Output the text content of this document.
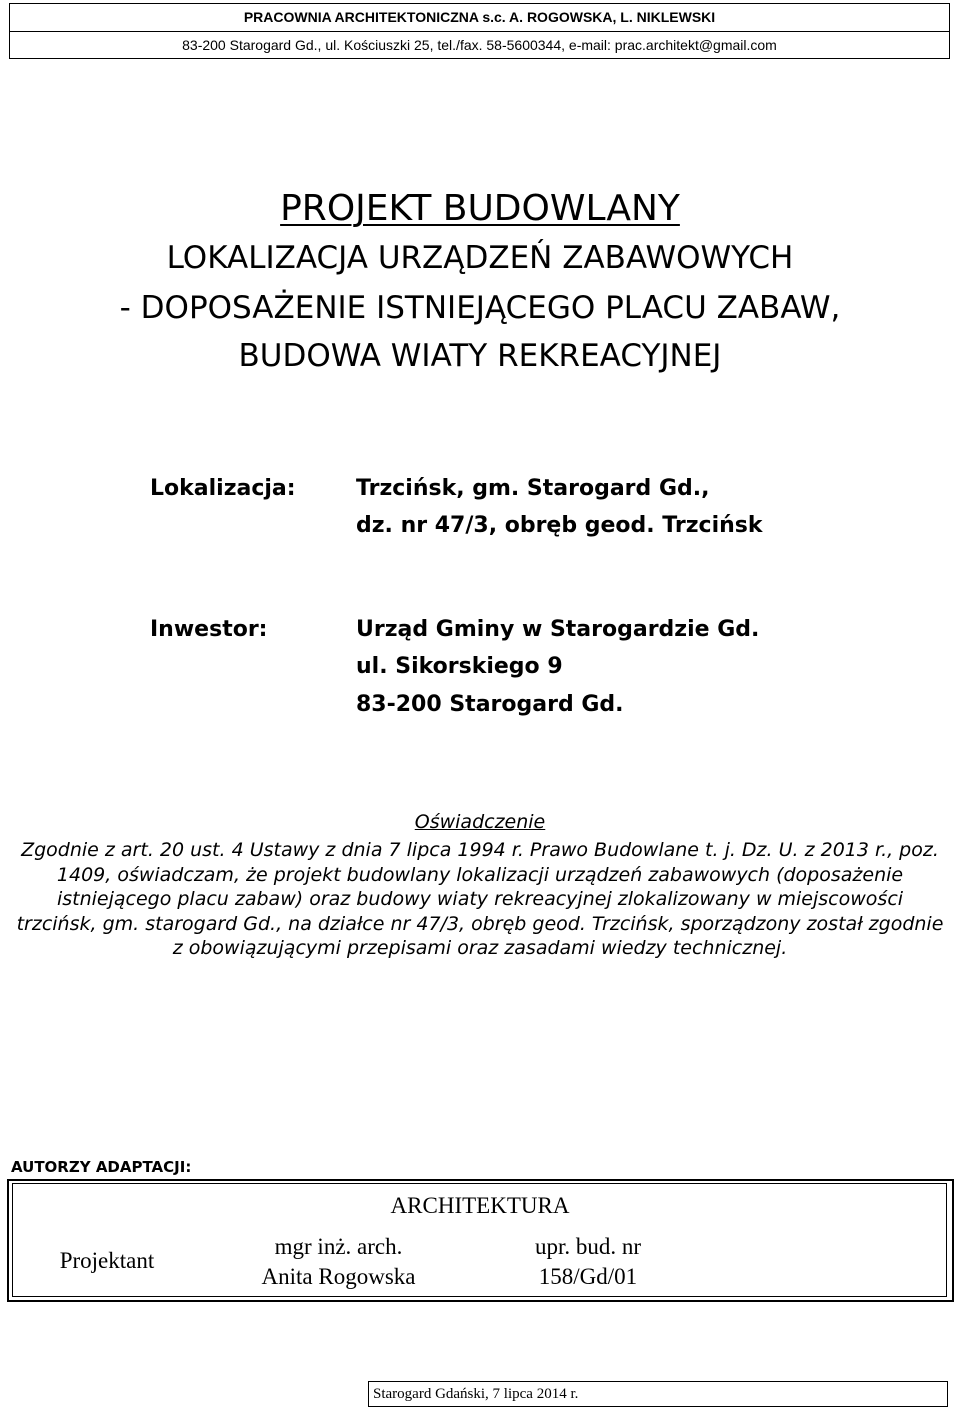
PRACOWNIA ARCHITEKTONICZNA s.c. A. ROGOWSKA, L. NIKLEWSKI
83-200 Starogard Gd., ul. Kościuszki 25, tel./fax. 58-5600344, e-mail: prac.architekt@gmail.com
PROJEKT BUDOWLANY
LOKALIZACJA URZĄDZEŃ ZABAWOWYCH
- DOPOSAŻENIE ISTNIEJĄCEGO PLACU ZABAW,
BUDOWA WIATY REKREACYJNEJ
Lokalizacja:	Trzcińsk, gm. Starogard Gd.,
dz. nr 47/3, obręb geod. Trzcińsk
Inwestor:	Urząd Gminy w Starogardzie Gd.
ul. Sikorskiego 9
83-200 Starogard Gd.
Oświadczenie
Zgodnie z art. 20 ust. 4 Ustawy z dnia 7 lipca 1994 r. Prawo Budowlane t. j. Dz. U. z 2013 r., poz. 1409, oświadczam, że projekt budowlany lokalizacji urządzeń zabawowych (doposażenie istniejącego placu zabaw) oraz budowy wiaty rekreacyjnej zlokalizowany w miejscowości trzcińsk, gm. starogard Gd., na działce nr 47/3, obręb geod. Trzcińsk, sporządzony został zgodnie z obowiązującymi przepisami oraz zasadami wiedzy technicznej.
AUTORZY ADAPTACJI:
ARCHITEKTURA
Projektant
mgr inż. arch.
Anita Rogowska
upr. bud. nr
158/Gd/01
Starogard Gdański, 7 lipca 2014 r.
